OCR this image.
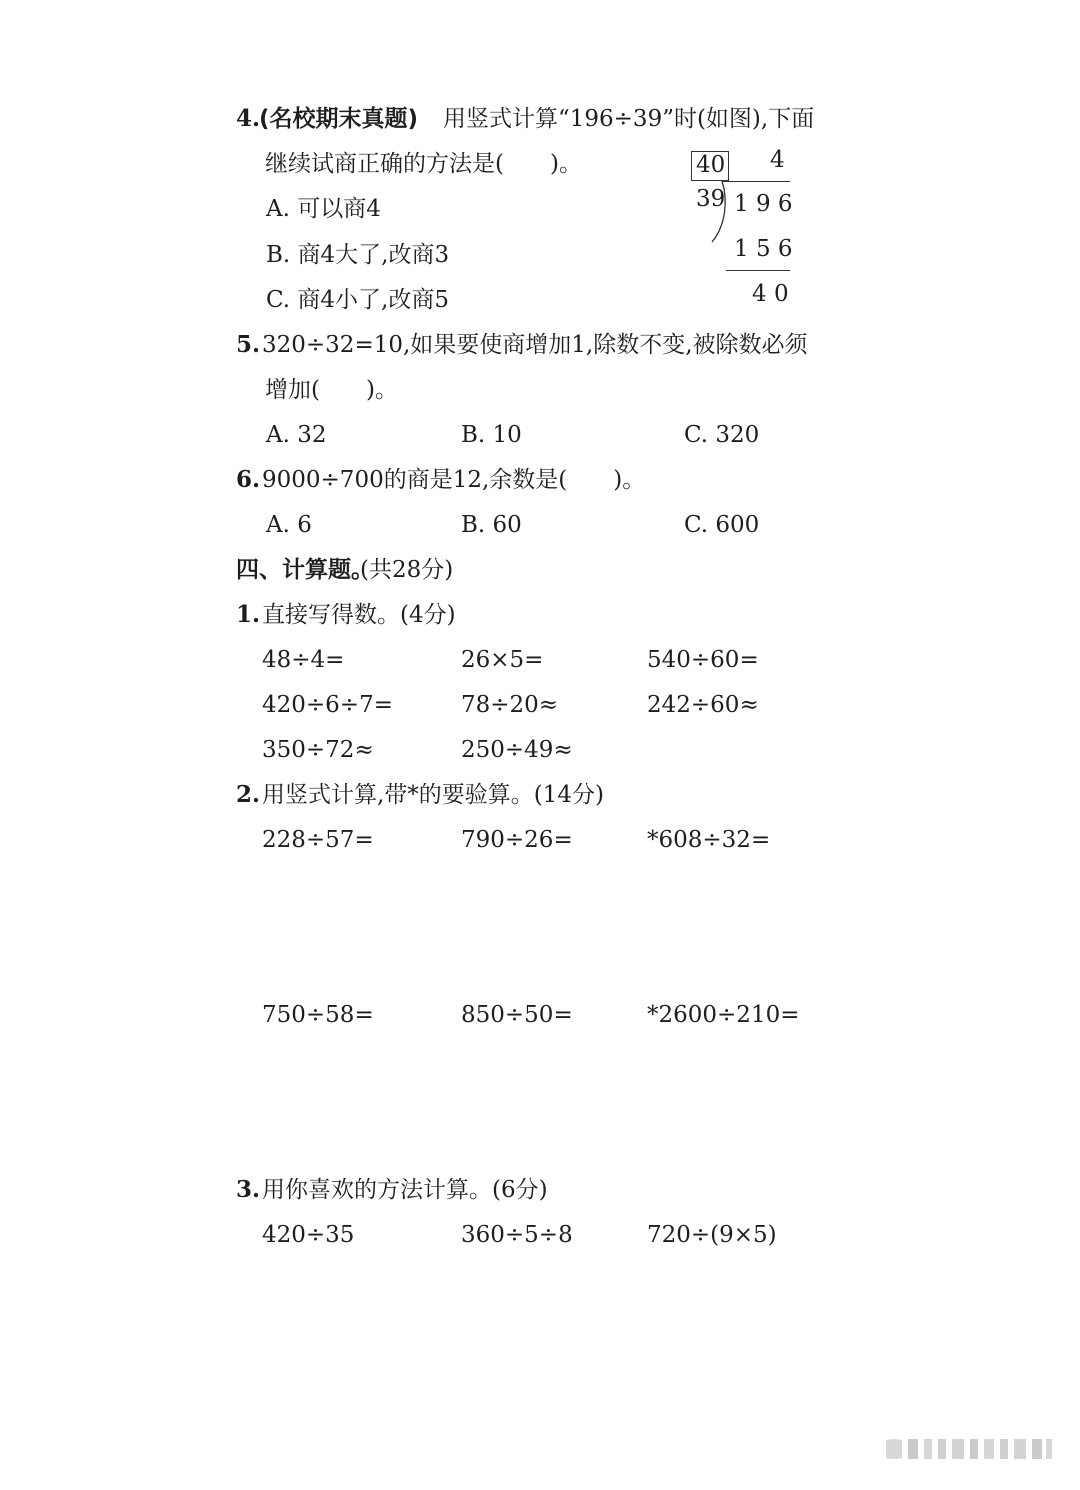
4.
(名校期末真题) 用竖式计算“196÷39”时(如图),下面
继续试商正确的方法是(　　)。
A. 可以商4
B. 商4大了,改商3
C. 商4小了,改商5
40 4
39 1 9 6
1 5 6
4 0
5. 320÷32=10,如果要使商增加1,除数不变,被除数必须
增加(　　)。
A. 32	B. 10	C. 320
6. 9000÷700的商是12,余数是(　　)。
A. 6	B. 60	C. 600
四、计算题。
(共28分)
1. 直接写得数。(4分)
48÷4=	26×5=	540÷60=
420÷6÷7=	78÷20≈	242÷60≈
350÷72≈	250÷49≈
2. 用竖式计算,带*的要验算。(14分)
228÷57=	790÷26=	*608÷32=
750÷58=	850÷50=	*2600÷210=
3. 用你喜欢的方法计算。(6分)
420÷35	360÷5÷8	720÷(9×5)
